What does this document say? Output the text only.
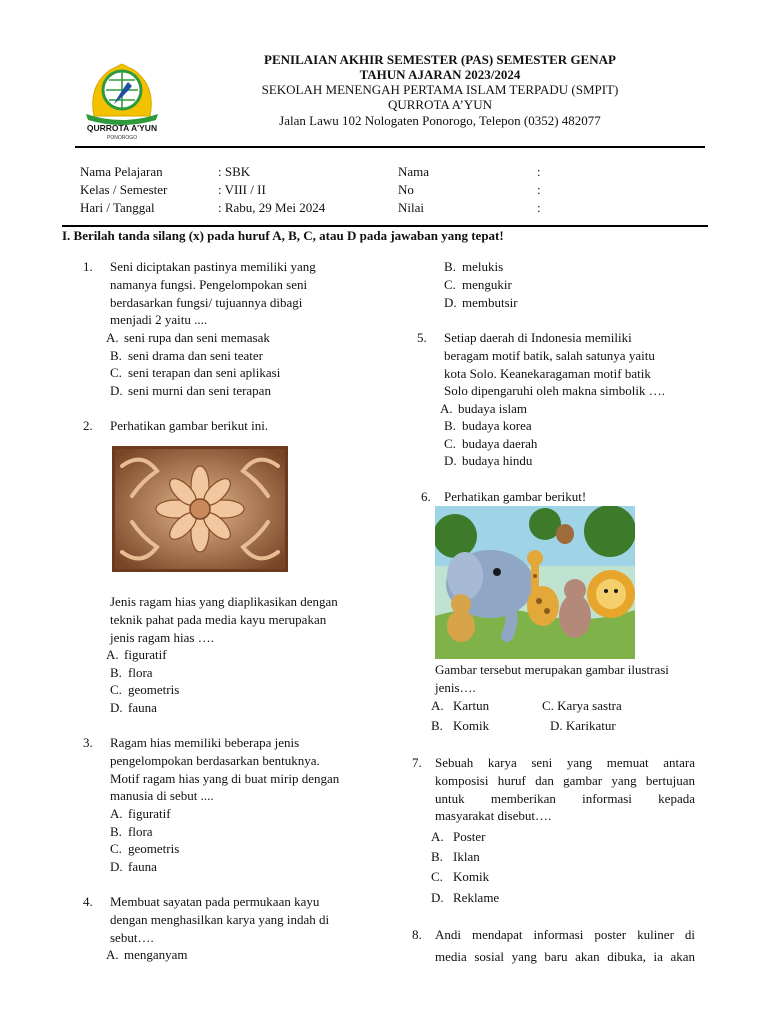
QURROTA A'YUN
PONOROGO
PENILAIAN AKHIR SEMESTER (PAS) SEMESTER GENAP
TAHUN AJARAN 2023/2024
SEKOLAH MENENGAH PERTAMA ISLAM TERPADU (SMPIT)
QURROTA A’YUN
Jalan Lawu 102 Nologaten Ponorogo, Telepon (0352) 482077
Nama Pelajaran	: SBK
Kelas / Semester	: VIII / II
Hari / Tanggal	: Rabu, 29 Mei 2024
Nama	:
No	:
Nilai	:
I. Berilah tanda silang (x) pada huruf A, B, C, atau D pada jawaban yang tepat!
1. Seni diciptakan pastinya memiliki yang
namanya fungsi. Pengelompokan seni
berdasarkan fungsi/ tujuannya dibagi
menjadi 2 yaitu ....
A. seni rupa dan seni memasak
B. seni drama dan seni teater
C. seni terapan dan seni aplikasi
D. seni murni dan seni terapan
2. Perhatikan gambar berikut ini.
Jenis ragam hias yang diaplikasikan dengan
teknik pahat pada media kayu merupakan
jenis ragam hias ….
A. figuratif
B. flora
C. geometris
D. fauna
3. Ragam hias memiliki beberapa jenis
pengelompokan berdasarkan bentuknya.
Motif ragam hias yang di buat mirip dengan
manusia di sebut ....
A. figuratif
B. flora
C. geometris
D. fauna
4. Membuat sayatan pada permukaan kayu
dengan menghasilkan karya yang indah di
sebut….
A. menganyam
B. melukis
C. mengukir
D. membutsir
5. Setiap daerah di Indonesia memiliki
beragam motif batik, salah satunya yaitu
kota Solo. Keanekaragaman motif batik
Solo dipengaruhi oleh makna simbolik ….
A. budaya islam
B. budaya korea
C. budaya daerah
D. budaya hindu
6. Perhatikan gambar berikut!
Gambar tersebut merupakan gambar ilustrasi
jenis….
A. Kartun	C. Karya sastra
B. Komik	D. Karikatur
7. Sebuah karya seni yang memuat antara
komposisi huruf dan gambar yang bertujuan
untuk memberikan informasi kepada
masyarakat disebut….
A. Poster
B. Iklan
C. Komik
D. Reklame
8. Andi mendapat informasi poster kuliner di
media sosial yang baru akan dibuka, ia akan
